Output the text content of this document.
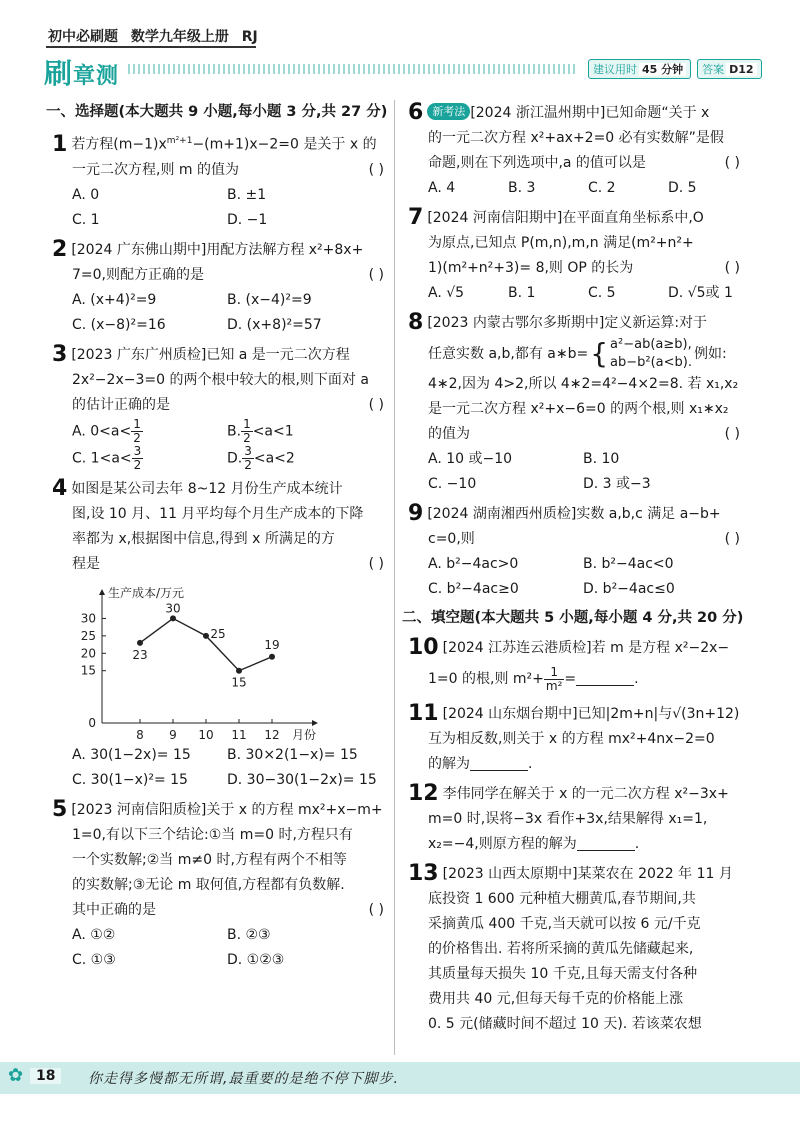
初中必刷题 数学九年级上册 RJ
刷章测	建议用时 45 分钟	答案 D12
一、选择题(本大题共 9 小题,每小题 3 分,共 27 分)
1 若方程$(m-1)x^{m^2+1}-(m+1)x-2=0$ 是关于 x 的
一元二次方程,则 m 的值为	( )
A. 0	B. ±1
C. 1	D. −1
2 [2024 广东佛山期中]用配方法解方程 x²+8x+
7=0,则配方正确的是	( )
A. (x+4)²=9	B. (x−4)²=9
C. (x−8)²=16	D. (x+8)²=57
3 [2023 广东广州质检]已知 a 是一元二次方程
2x²−2x−3=0 的两个根中较大的根,则下面对 a
的估计正确的是	( )
A. $0<a< \frac{1}{2}$	B. $\frac{1}{2} <a<1$
C. $1<a< \frac{3}{2}$	D. $\frac{3}{2} <a<2$
4 如图是某公司去年 8~12 月份生产成本统计
图,设 10 月、11 月平均每个月生产成本的下降
率都为 x,根据图中信息,得到 x 所满足的方
程是	( )
生产成本/万元
月份
0
15
20
25
30
8 9 10 11 12
23
30
25
15
19
A. 30(1−2x)= 15	B. 30×2(1−x)= 15
C. 30(1−x)²= 15	D. 30−30(1−2x)= 15
5 [2023 河南信阳质检]关于 x 的方程 mx²+x−m+
1=0,有以下三个结论:①当 m=0 时,方程只有
一个实数解;②当 m≠0 时,方程有两个不相等
的实数解;③无论 m 取何值,方程都有负数解.
其中正确的是	( )
A. ①②	B. ②③
C. ①③	D. ①②③
6 新考法 [2024 浙江温州期中]已知命题“关于 x
的一元二次方程 x²+ax+2=0 必有实数解”是假
命题,则在下列选项中,a 的值可以是	( )
A. 4	B. 3	C. 2	D. 5
7 [2024 河南信阳期中]在平面直角坐标系中,O
为原点,已知点 P(m,n),m,n 满足(m²+n²+
1)(m²+n²+3)= 8,则 OP 的长为	( )
A. √5	B. 1	C. 5	D. √5或 1
8 [2023 内蒙古鄂尔多斯期中]定义新运算:对于
任意实数 a,b,都有 a∗b= { a²−ab(a≥b),
ab−b²(a<b).
例如:
4∗2,因为 4>2,所以 4∗2=4²−4×2=8. 若 x₁,x₂
是一元二次方程 x²+x−6=0 的两个根,则 x₁∗x₂
的值为	( )
A. 10 或−10	B. 10
C. −10	D. 3 或−3
9 [2024 湖南湘西州质检]实数 a,b,c 满足 a−b+
c=0,则	( )
A. b²−4ac>0	B. b²−4ac<0
C. b²−4ac≥0	D. b²−4ac≤0
二、填空题(本大题共 5 小题,每小题 4 分,共 20 分)
10 [2024 江苏连云港质检]若 m 是方程 x²−2x−
1=0 的根,则 $m^2+ \frac{1}{\text{m²}}$ =	.
11 [2024 山东烟台期中]已知|2m+n|与√(3n+12)
互为相反数,则关于 x 的方程 mx²+4nx−2=0
的解为	.
12 李伟同学在解关于 x 的一元二次方程 x²−3x+
m=0 时,误将−3x 看作+3x,结果解得 x₁=1,
x₂=−4,则原方程的解为	.
13 [2023 山西太原期中]某菜农在 2022 年 11 月
底投资 1 600 元种植大棚黄瓜,春节期间,共
采摘黄瓜 400 千克,当天就可以按 6 元/千克
的价格售出. 若将所采摘的黄瓜先储藏起来,
其质量每天损失 10 千克,且每天需支付各种
费用共 40 元,但每天每千克的价格能上涨
0. 5 元(储藏时间不超过 10 天). 若该菜农想
✿ 18	你走得多慢都无所谓,最重要的是绝不停下脚步.
